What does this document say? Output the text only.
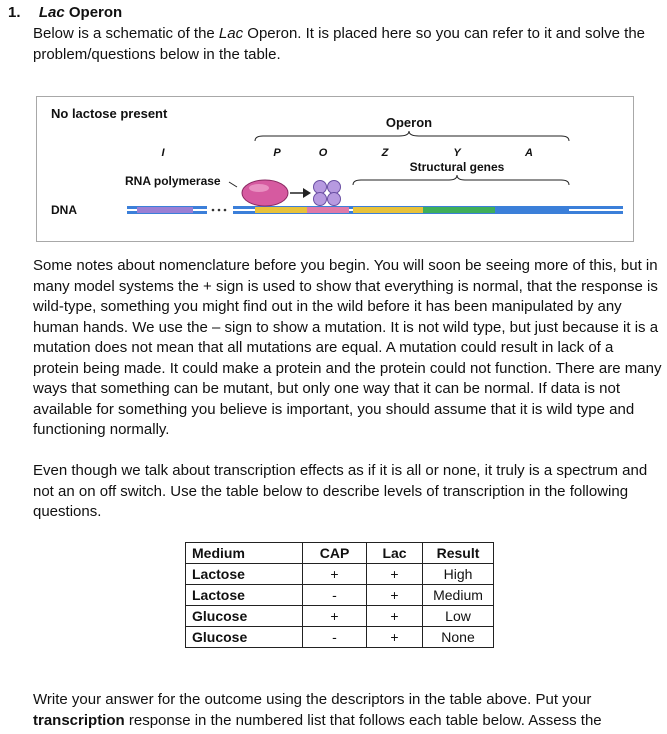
1. Lac Operon
Below is a schematic of the Lac Operon. It is placed here so you can refer to it and solve the problem/questions below in the table.
No lactose present
Operon
I	P	O	Z	Y	A
Structural genes
RNA polymerase
DNA

Some notes about nomenclature before you begin. You will soon be seeing more of this, but in many model systems the + sign is used to show that everything is normal, that the response is wild-type, something you might find out in the wild before it has been manipulated by any human hands. We use the – sign to show a mutation. It is not wild type, but just because it is a mutation does not mean that all mutations are equal. A mutation could result in lack of a protein being made. It could make a protein and the protein could not function. There are many ways that something can be mutant, but only one way that it can be normal. If data is not available for something you believe is important, you should assume that it is wild type and functioning normally.

Even though we talk about transcription effects as if it is all or none, it truly is a spectrum and not an on off switch. Use the table below to describe levels of transcription in the following questions.

Medium	CAP	Lac	Result
Lactose	+	+	High
Lactose	-	+	Medium
Glucose	+	+	Low
Glucose	-	+	None

Write your answer for the outcome using the descriptors in the table above. Put your transcription response in the numbered list that follows each table below. Assess the
